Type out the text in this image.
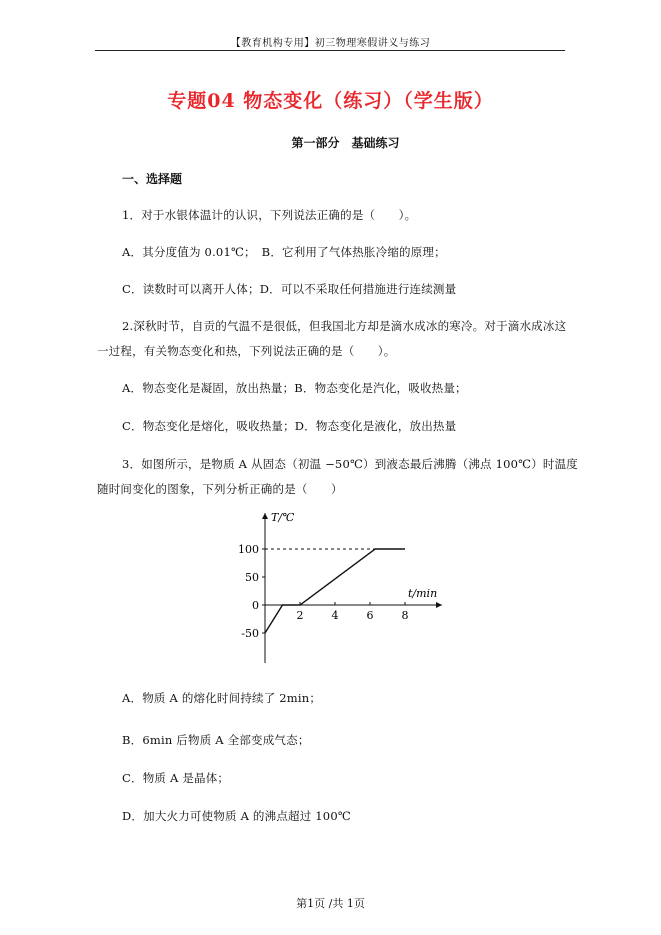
【教育机构专用】初三物理寒假讲义与练习
专题04 物态变化（练习）（学生版）
第一部分　基础练习
一、选择题
1．对于水银体温计的认识，下列说法正确的是（　　）。
A．其分度值为 0.01℃；　B．它利用了气体热胀冷缩的原理；
C．读数时可以离开人体；D．可以不采取任何措施进行连续测量
2.深秋时节，自贡的气温不是很低，但我国北方却是滴水成冰的寒冷。对于滴水成冰这
一过程，有关物态变化和热，下列说法正确的是（　　）。
A．物态变化是凝固，放出热量；B．物态变化是汽化，吸收热量；
C．物态变化是熔化，吸收热量；D．物态变化是液化，放出热量
3．如图所示，是物质 A 从固态（初温 −50℃）到液态最后沸腾（沸点 100℃）时温度
随时间变化的图象，下列分析正确的是（　　）
T/℃
t/min
100
50
0
-50
2	4	6	8
A．物质 A 的熔化时间持续了 2min；
B．6min 后物质 A 全部变成气态；
C．物质 A 是晶体；
D．加大火力可使物质 A 的沸点超过 100℃
第1页 /共 1页
